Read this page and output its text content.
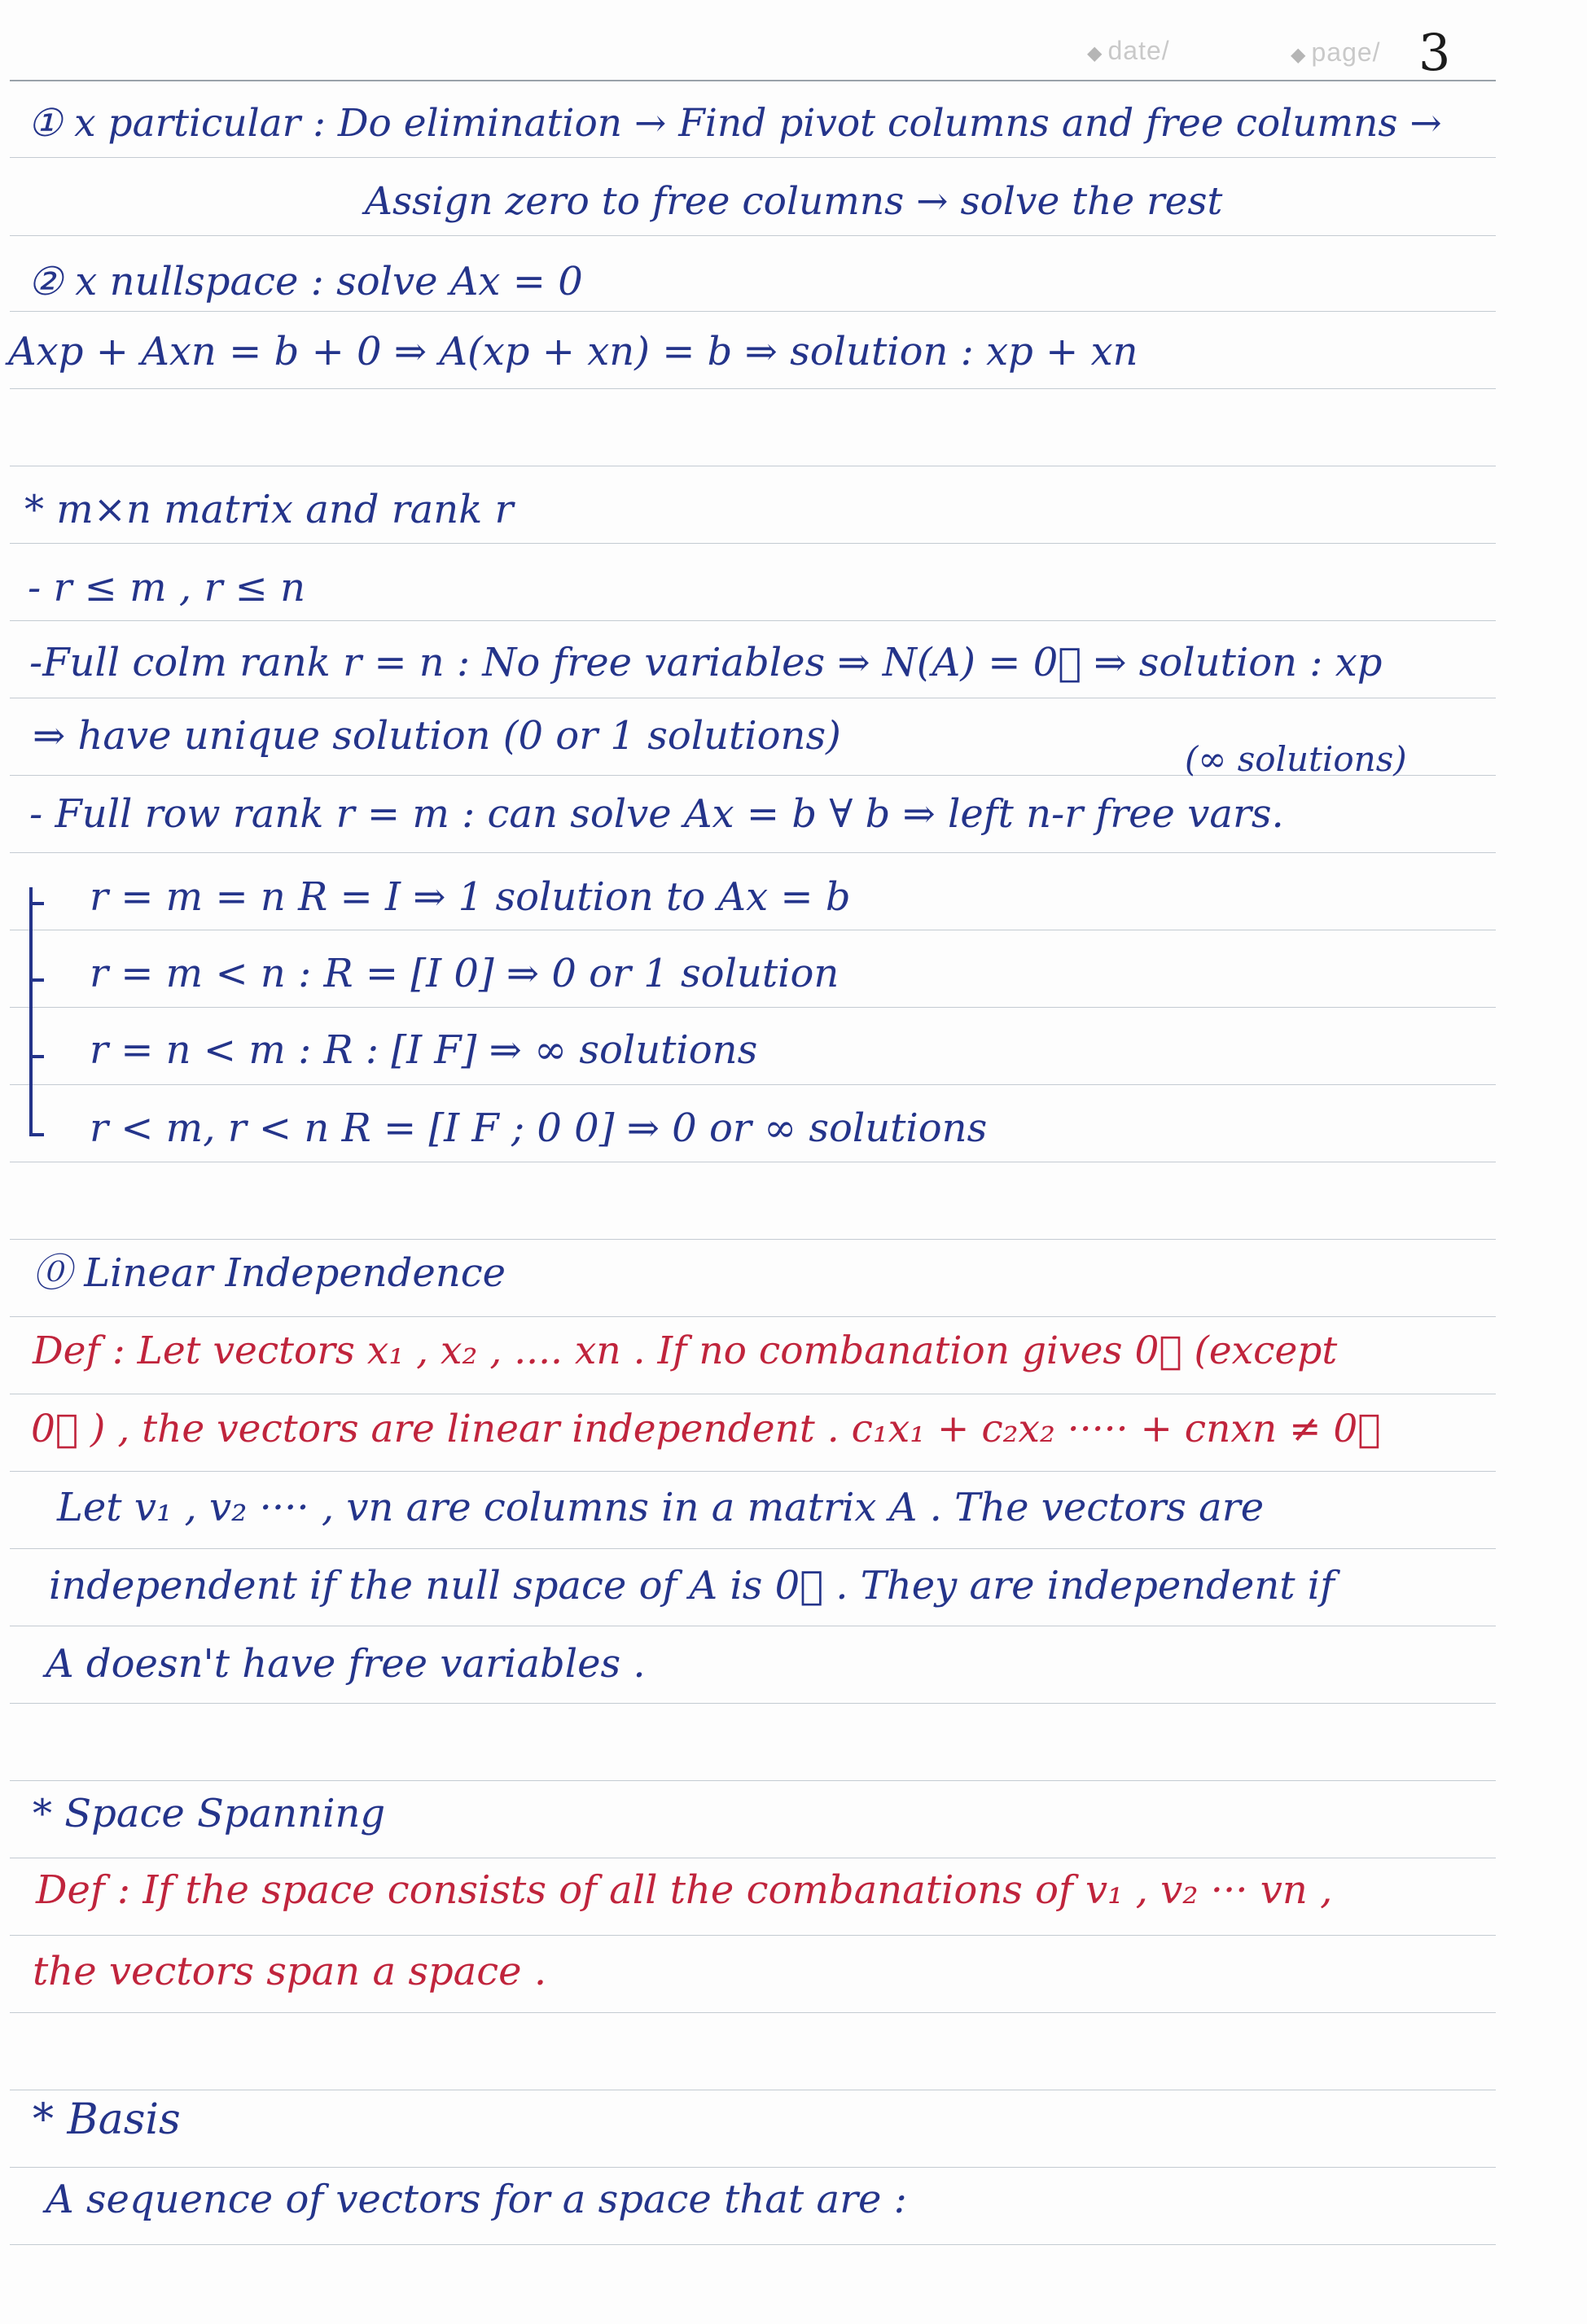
◆ date/	◆ page/ 3
① x particular : Do elimination → Find pivot columns and free columns →
Assign zero to free columns → solve the rest
② x nullspace : solve Ax = 0
Axp + Axn = b + 0 ⇒ A(xp + xn) = b ⇒ solution : xp + xn
* m×n matrix and rank r
- r ≤ m , r ≤ n
-Full colm rank r = n : No free variables ⇒ N(A) = 0⃗ ⇒ solution : xp
⇒ have unique solution (0 or 1 solutions)
(∞ solutions)
- Full row rank r = m : can solve Ax = b ∀ b ⇒ left n-r free vars.
r = m = n R = I ⇒ 1 solution to Ax = b
r = m < n : R = [I 0] ⇒ 0 or 1 solution
r = n < m : R : [I F] ⇒ ∞ solutions
r < m, r < n R = [I F ; 0 0] ⇒ 0 or ∞ solutions
⓪ Linear Independence
Def : Let vectors x₁ , x₂ , .... xn . If no combanation gives 0⃗ (except
0⃗ ) , the vectors are linear independent . c₁x₁ + c₂x₂ ····· + cnxn ≠ 0⃗
Let v₁ , v₂ ···· , vn are columns in a matrix A . The vectors are
independent if the null space of A is 0⃗ . They are independent if
A doesn't have free variables .
* Space Spanning
Def : If the space consists of all the combanations of v₁ , v₂ ··· vn ,
the vectors span a space .
* Basis
A sequence of vectors for a space that are :
